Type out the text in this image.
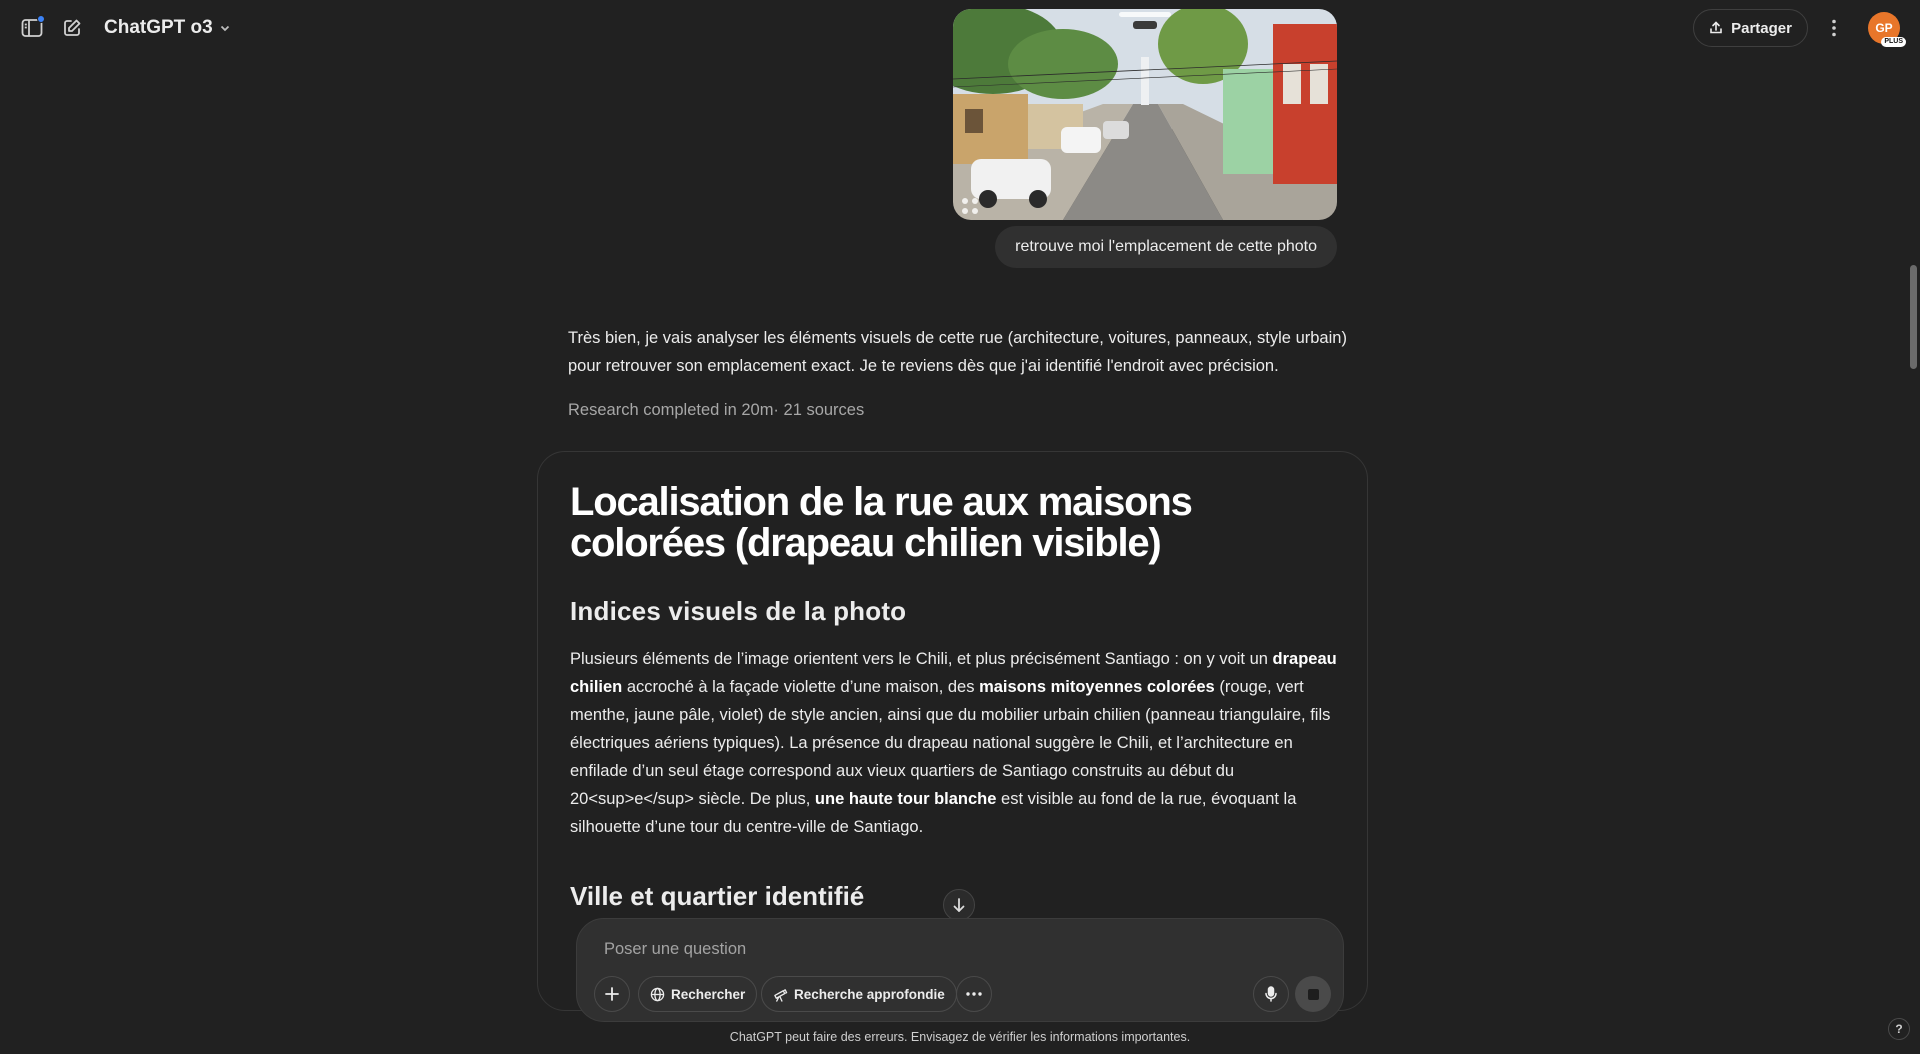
ChatGPT o3	Partager	GP
PLUS
retrouve moi l'emplacement de cette photo
Très bien, je vais analyser les éléments visuels de cette rue (architecture, voitures, panneaux, style urbain) pour retrouver son emplacement exact. Je te reviens dès que j'ai identifié l'endroit avec précision.
Research completed in 20m· 21 sources
Localisation de la rue aux maisons colorées (drapeau chilien visible)
Indices visuels de la photo

Plusieurs éléments de l’image orientent vers le Chili, et plus précisément Santiago : on y voit un drapeau chilien accroché à la façade violette d’une maison, des maisons mitoyennes colorées (rouge, vert menthe, jaune pâle, violet) de style ancien, ainsi que du mobilier urbain chilien (panneau triangulaire, fils électriques aériens typiques). La présence du drapeau national suggère le Chili, et l’architecture en enfilade d’un seul étage correspond aux vieux quartiers de Santiago construits au début du 20<sup>e</sup> siècle. De plus, une haute tour blanche est visible au fond de la rue, évoquant la silhouette d’une tour du centre-ville de Santiago.

Ville et quartier identifié
Poser une question
Rechercher	Recherche approfondie
ChatGPT peut faire des erreurs. Envisagez de vérifier les informations importantes.
?
